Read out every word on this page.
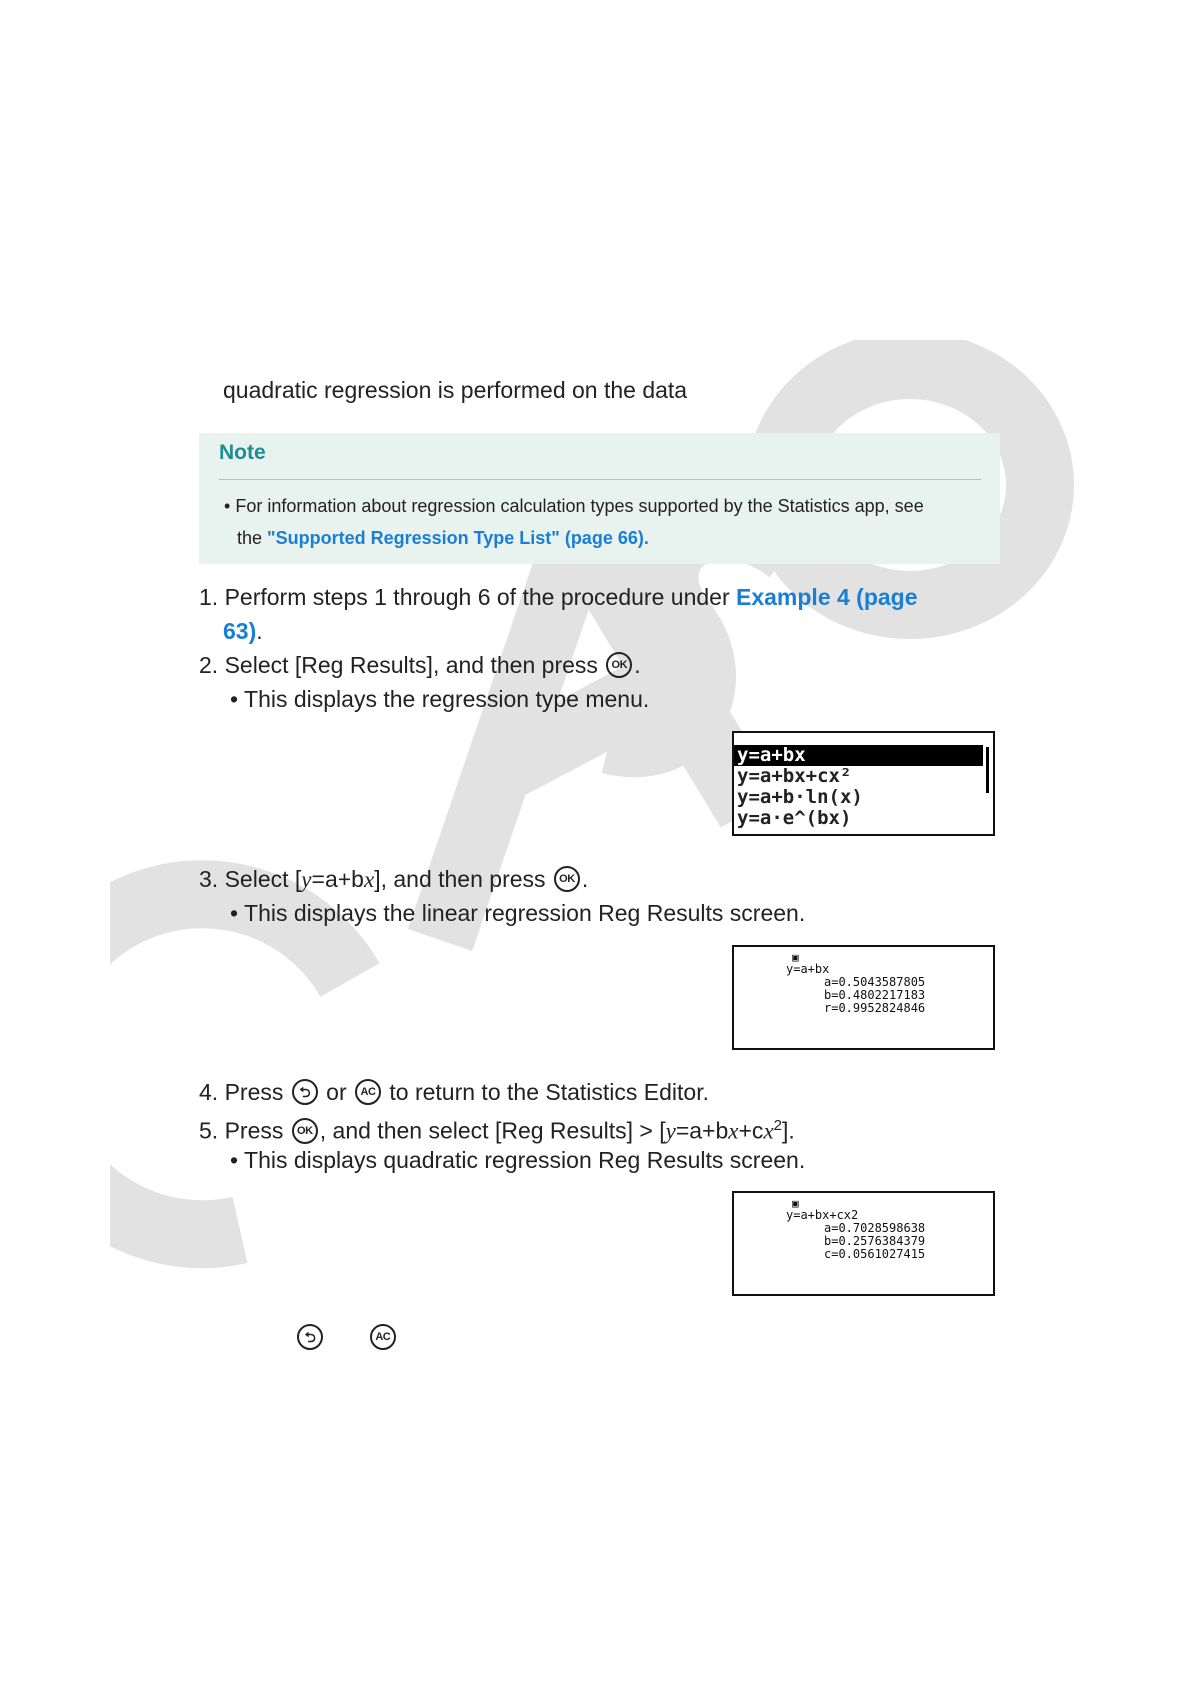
quadratic regression is performed on the data
Note
• For information about regression calculation types supported by the Statistics app, see
the "Supported Regression Type List" (page 66).
1. Perform steps 1 through 6 of the procedure under Example 4 (page
63).
2. Select [Reg Results], and then press OK .
• This displays the regression type menu.
y=a+bx
y=a+bx+cx²
y=a+b·ln(x)
y=a·e^(bx)
3. Select [y=a+bx], and then press OK .
• This displays the linear regression Reg Results screen.
▣
y=a+bx
a=0.5043587805
b=0.4802217183
r=0.9952824846
4. Press ⮌ or AC to return to the Statistics Editor.
5. Press OK , and then select [Reg Results] > $[y=a+bx+cx^2]$.
• This displays quadratic regression Reg Results screen.
▣
y=a+bx+cx2
a=0.7028598638
b=0.2576384379
c=0.0561027415
⮌	AC
